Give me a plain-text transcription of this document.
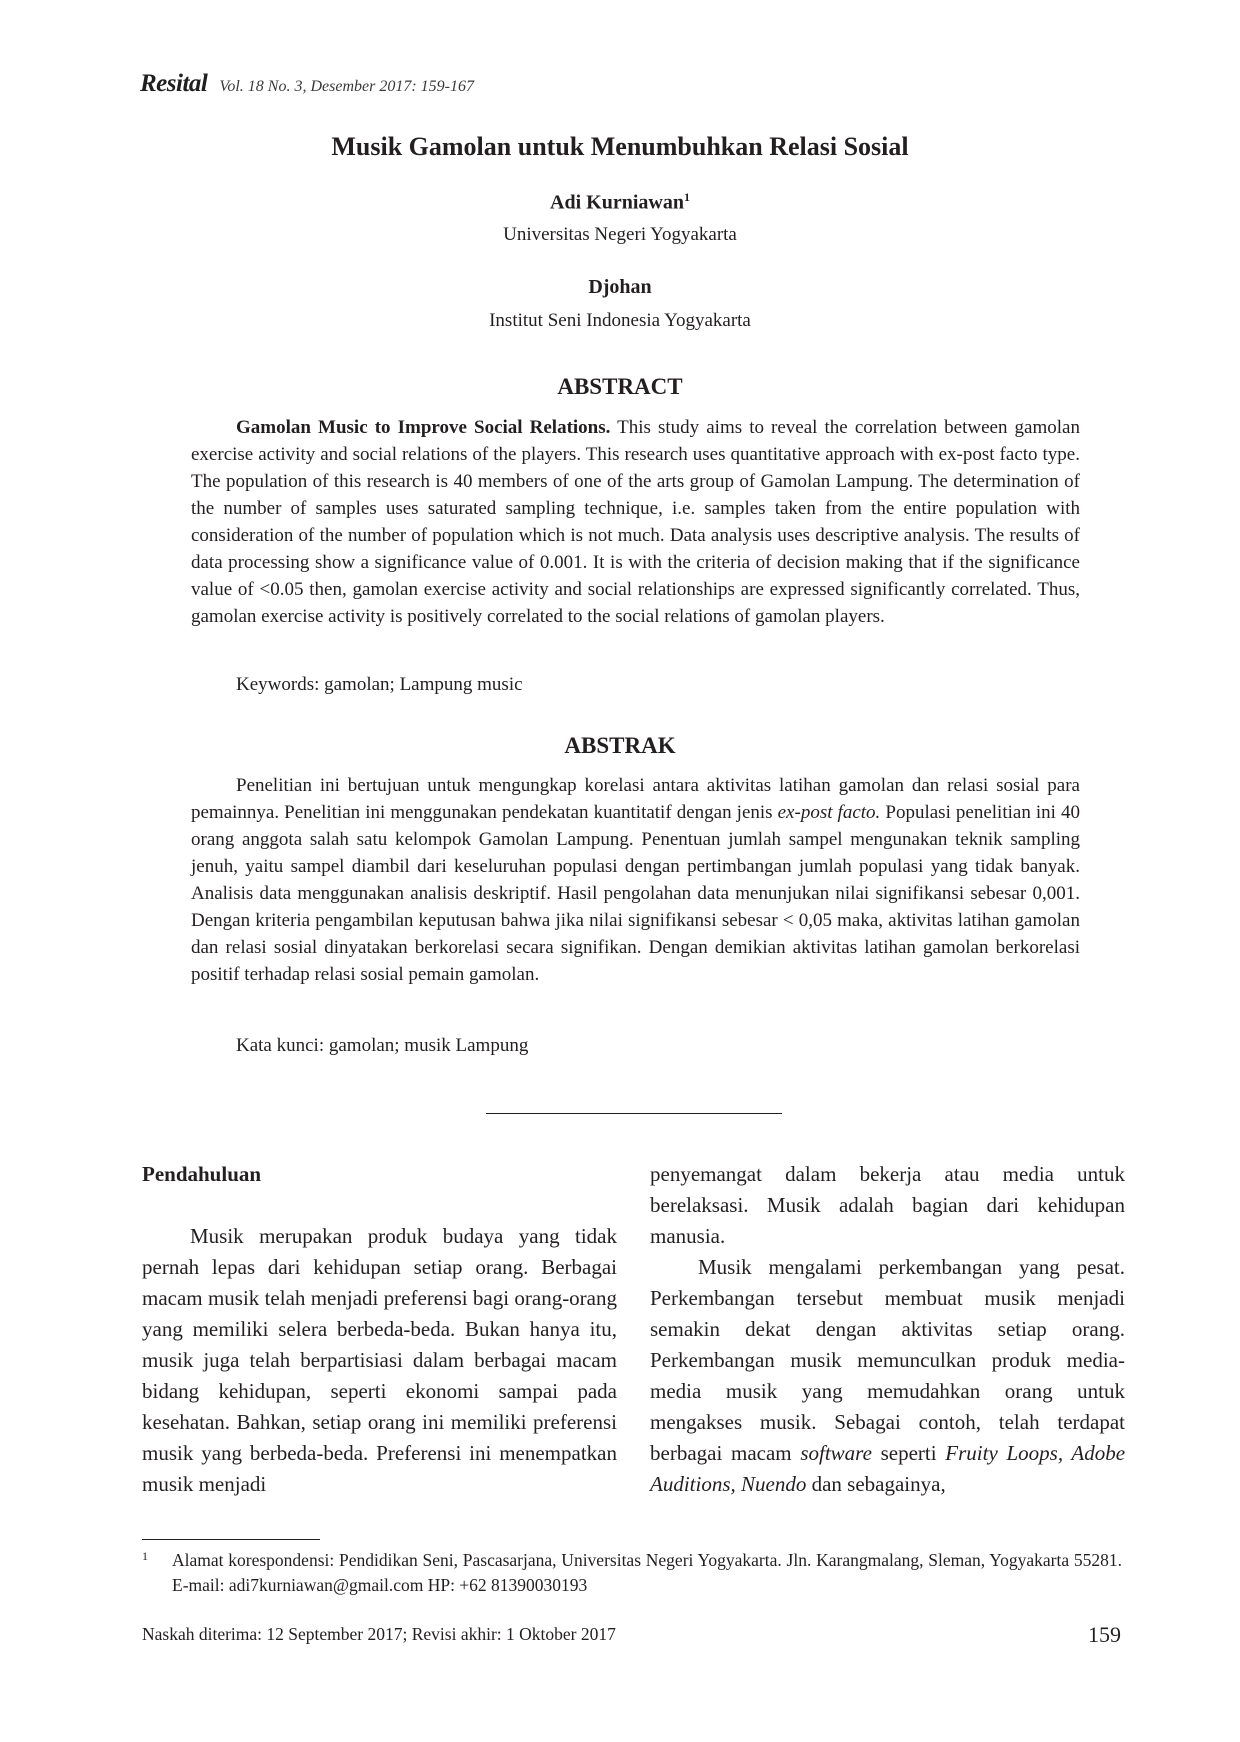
Resital Vol. 18 No. 3, Desember 2017: 159-167
Musik Gamolan untuk Menumbuhkan Relasi Sosial
Adi Kurniawan$^1$
Universitas Negeri Yogyakarta
Djohan
Institut Seni Indonesia Yogyakarta
ABSTRACT

Gamolan Music to Improve Social Relations. This study aims to reveal the correlation between gamolan exercise activity and social relations of the players. This research uses quantitative approach with ex-post facto type. The population of this research is 40 members of one of the arts group of Gamolan Lampung. The determination of the number of samples uses saturated sampling technique, i.e. samples taken from the entire population with consideration of the number of population which is not much. Data analysis uses descriptive analysis. The results of data processing show a significance value of 0.001. It is with the criteria of decision making that if the significance value of <0.05 then, gamolan exercise activity and social relationships are expressed significantly correlated. Thus, gamolan exercise activity is positively correlated to the social relations of gamolan players.

Keywords: gamolan; Lampung music
ABSTRAK

Penelitian ini bertujuan untuk mengungkap korelasi antara aktivitas latihan gamolan dan relasi sosial para pemainnya. Penelitian ini menggunakan pendekatan kuantitatif dengan jenis ex-post facto. Populasi penelitian ini 40 orang anggota salah satu kelompok Gamolan Lampung. Penentuan jumlah sampel mengunakan teknik sampling jenuh, yaitu sampel diambil dari keseluruhan populasi dengan pertimbangan jumlah populasi yang tidak banyak. Analisis data menggunakan analisis deskriptif. Hasil pengolahan data menunjukan nilai signifikansi sebesar 0,001. Dengan kriteria pengambilan keputusan bahwa jika nilai signifikansi sebesar < 0,05 maka, aktivitas latihan gamolan dan relasi sosial dinyatakan berkorelasi secara signifikan. Dengan demikian aktivitas latihan gamolan berkorelasi positif terhadap relasi sosial pemain gamolan.

Kata kunci: gamolan; musik Lampung

Pendahuluan

Musik merupakan produk budaya yang tidak pernah lepas dari kehidupan setiap orang. Berbagai macam musik telah menjadi preferensi bagi orang-orang yang memiliki selera berbeda-beda. Bukan hanya itu, musik juga telah berpartisiasi dalam berbagai macam bidang kehidupan, seperti ekonomi sampai pada kesehatan. Bahkan, setiap orang ini memiliki preferensi musik yang berbeda-beda. Preferensi ini menempatkan musik menjadi

penyemangat dalam bekerja atau media untuk berelaksasi. Musik adalah bagian dari kehidupan manusia.

Musik mengalami perkembangan yang pesat. Perkembangan tersebut membuat musik menjadi semakin dekat dengan aktivitas setiap orang. Perkembangan musik memunculkan produk media-media musik yang memudahkan orang untuk mengakses musik. Sebagai contoh, telah terdapat berbagai macam software seperti Fruity Loops, Adobe Auditions, Nuendo dan sebagainya,

1 Alamat korespondensi: Pendidikan Seni, Pascasarjana, Universitas Negeri Yogyakarta. Jln. Karangmalang, Sleman, Yogyakarta 55281. E-mail: adi7kurniawan@gmail.com HP: +62 81390030193
Naskah diterima: 12 September 2017; Revisi akhir: 1 Oktober 2017	159
